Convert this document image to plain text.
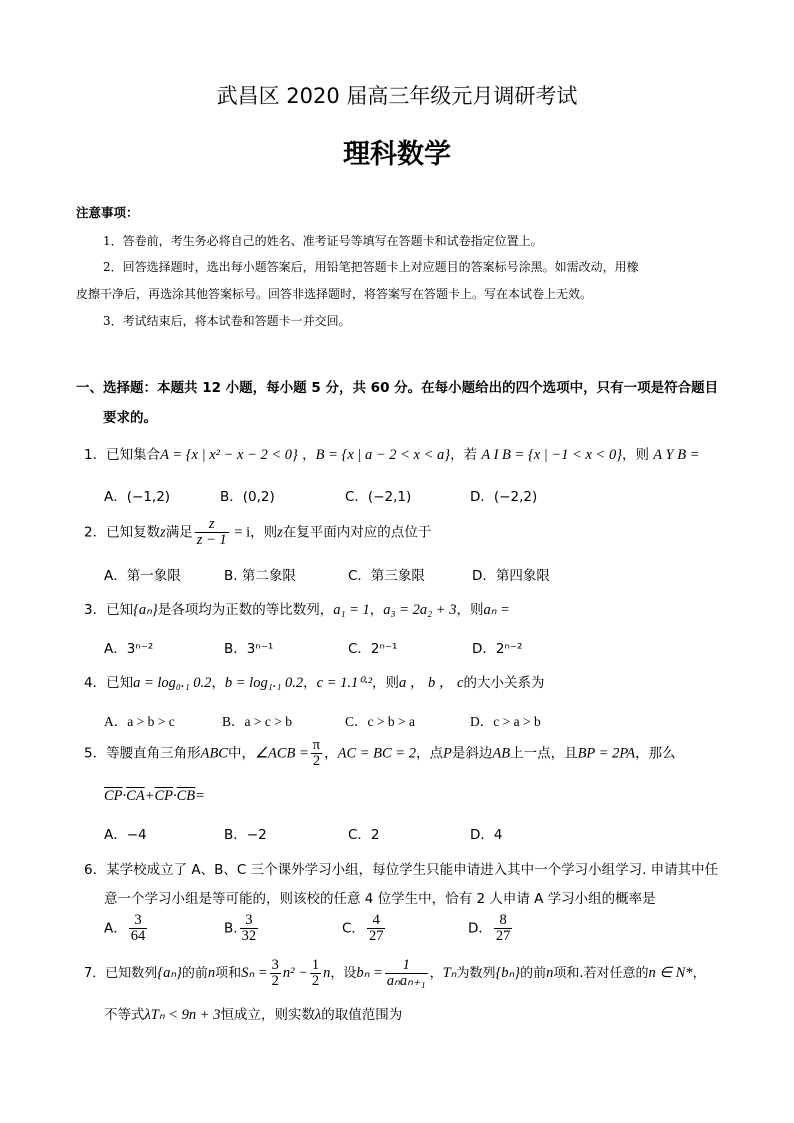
武昌区 2020 届高三年级元月调研考试
理科数学
注意事项：
1．答卷前，考生务必将自己的姓名、准考证号等填写在答题卡和试卷指定位置上。
2．回答选择题时，选出每小题答案后，用铅笔把答题卡上对应题目的答案标号涂黑。如需改动，用橡
皮擦干净后，再选涂其他答案标号。回答非选择题时，将答案写在答题卡上。写在本试卷上无效。
3．考试结束后，将本试卷和答题卡一并交回。
一、选择题：本题共 12 小题，每小题 5 分，共 60 分。在每小题给出的四个选项中，只有一项是符合题目
要求的。
1．已知集合A = {x | x² − x − 2 < 0} ，B = {x | a − 2 < x < a}，若 A I B = {x | −1 < x < 0}，则 A Y B =
A．(−1,2)	B．(0,2)	C．(−2,1)	D．(−2,2)
2．已知复数z满足 $\frac{z}{z - 1} = i$，则z在复平面内对应的点位于
A．第一象限	B. 第二象限	C．第三象限	D．第四象限
3．已知{aₙ}是各项均为正数的等比数列，a₁ = 1，a₃ = 2a₂ + 3，则aₙ =
A．3ⁿ⁻²	B．3ⁿ⁻¹	C．2ⁿ⁻¹	D．2ⁿ⁻²
4．已知a = log₀.₁ 0.2，b = log₁.₁ 0.2，c = 1.1⁰·²，则a ， b ， c的大小关系为
A．a > b > c	B．a > c > b	C．c > b > a	D．c > a > b
5．等腰直角三角形ABC中，∠ACB = $\frac{\pi}{2}$ ，AC = BC = 2，点P是斜边AB上一点，且BP = 2PA，那么
$\overline{CP}\cdot\overline{CA}+\overline{CP}\cdot\overline{CB}=$
A．−4	B．−2	C．2	D．4
6．某学校成立了 A、B、C 三个课外学习小组，每位学生只能申请进入其中一个学习小组学习. 申请其中任
意一个学习小组是等可能的，则该校的任意 4 位学生中，恰有 2 人申请 A 学习小组的概率是
A． $\frac{3}{64}$	B. $\frac{3}{32}$	C． $\frac{4}{27}$	D． $\frac{8}{27}$
7．已知数列{aₙ}的前n项和$S_n = \frac{3}{2} n^2 - \frac{1}{2}$ n，设$b_n = \frac{1}{\text{aₙaₙ₊₁}}$ ，Tₙ为数列{bₙ}的前n项和.若对任意的n ∈ N*，
不等式λTₙ < 9n + 3恒成立，则实数λ的取值范围为
